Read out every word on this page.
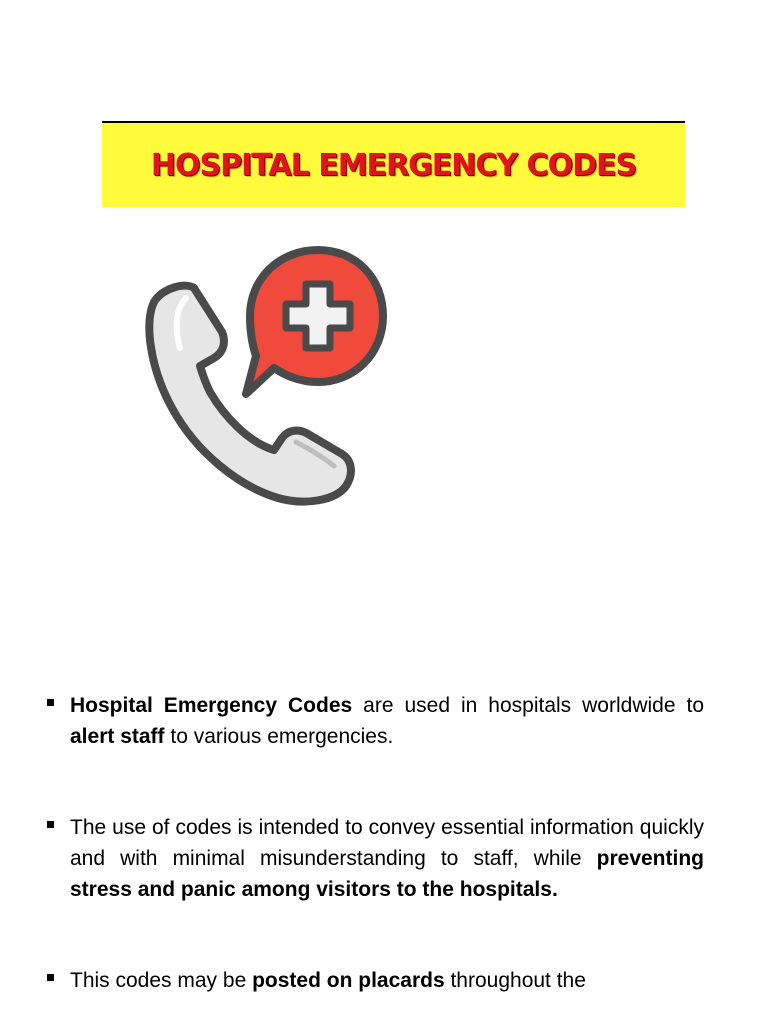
HOSPITAL EMERGENCY CODES
Hospital Emergency Codes are used in hospitals worldwide to alert staff to various emergencies.
The use of codes is intended to convey essential information quickly and with minimal misunderstanding to staff, while preventing stress and panic among visitors to the hospitals.
This codes may be posted on placards throughout the
